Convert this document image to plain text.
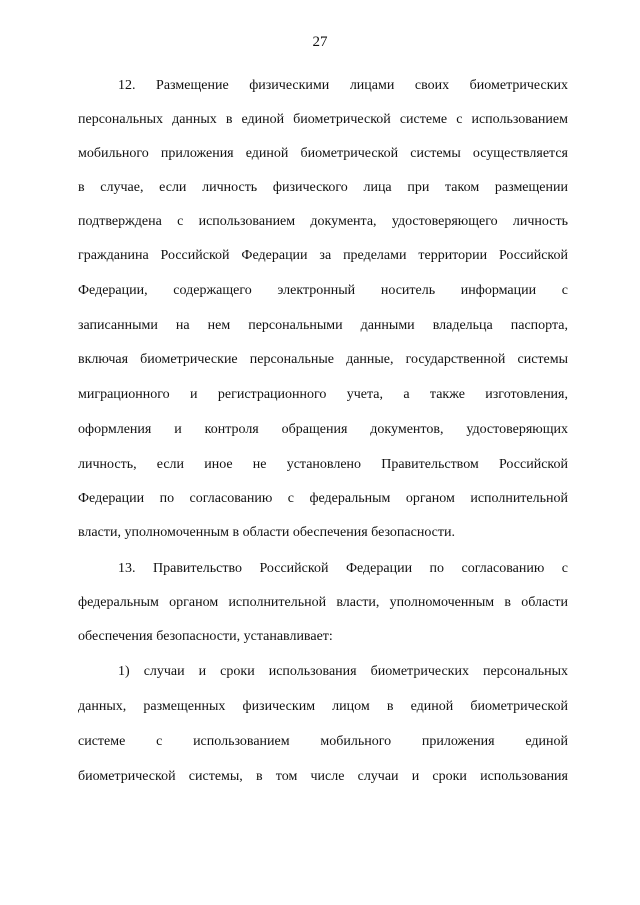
27
12. Размещение физическими лицами своих биометрических
персональных данных в единой биометрической системе с использованием
мобильного приложения единой биометрической системы осуществляется
в случае, если личность физического лица при таком размещении
подтверждена с использованием документа, удостоверяющего личность
гражданина Российской Федерации за пределами территории Российской
Федерации, содержащего электронный носитель информации с
записанными на нем персональными данными владельца паспорта,
включая биометрические персональные данные, государственной системы
миграционного и регистрационного учета, а также изготовления,
оформления и контроля обращения документов, удостоверяющих
личность, если иное не установлено Правительством Российской
Федерации по согласованию с федеральным органом исполнительной
власти, уполномоченным в области обеспечения безопасности.
13. Правительство Российской Федерации по согласованию с
федеральным органом исполнительной власти, уполномоченным в области
обеспечения безопасности, устанавливает:
1) случаи и сроки использования биометрических персональных
данных, размещенных физическим лицом в единой биометрической
системе с использованием мобильного приложения единой
биометрической системы, в том числе случаи и сроки использования
